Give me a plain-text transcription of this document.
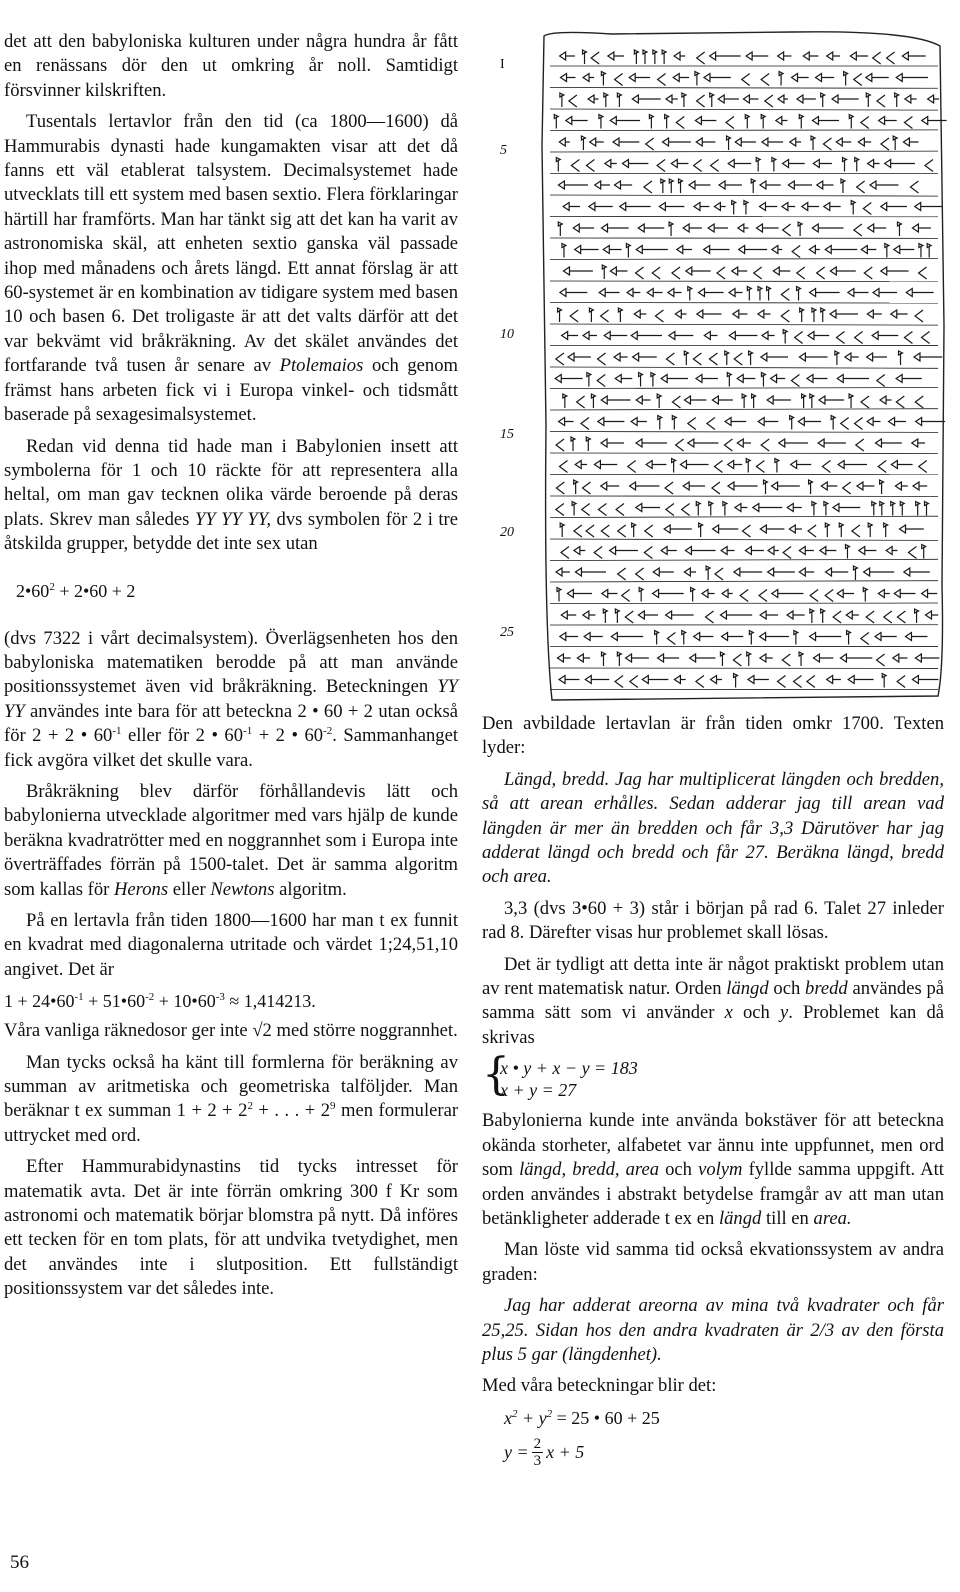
det att den babyloniska kulturen under några hundra år fått en renässans dör den ut omkring år noll. Samtidigt försvinner kilskriften.

Tusentals lertavlor från den tid (ca 1800—1600) då Hammurabis dynasti hade kungamakten visar att det då fanns ett väl etablerat talsystem. Decimalsystemet hade utvecklats till ett system med basen sextio. Flera förklaringar härtill har framförts. Man har tänkt sig att det kan ha varit av astronomiska skäl, att enheten sextio ganska väl passade ihop med månadens och årets längd. Ett annat förslag är att 60-systemet är en kombination av tidigare system med basen 10 och basen 6. Det troligaste är att det valts därför att det var bekvämt vid bråkräkning. Av det skälet användes det fortfarande två tusen år senare av Ptolemaios och genom främst hans arbeten fick vi i Europa vinkel- och tidsmått baserade på sexagesimalsystemet.

Redan vid denna tid hade man i Babylonien insett att symbolerna för 1 och 10 räckte för att representera alla heltal, om man gav tecknen olika värde beroende på deras plats. Skrev man således YY YY YY, dvs symbolen för 2 i tre åtskilda grupper, betydde det inte sex utan

$2•60^2$ + 2•60 + 2

(dvs 7322 i vårt decimalsystem). Överlägsenheten hos den babyloniska matematiken berodde på att man använde positionssystemet även vid bråkräkning. Beteckningen YY YY användes inte bara för att beteckna 2 • 60 + 2 utan också för 2 + 2 • $60^{-1}$ eller för 2 • $60^{-1} + 2$ • $60^{-2}$. Sammanhanget fick avgöra vilket det skulle vara.

Bråkräkning blev därför förhållandevis lätt och babylonierna utvecklade algoritmer med vars hjälp de kunde beräkna kvadratrötter med en noggrannhet som i Europa inte överträffades förrän på 1500-talet. Det är samma algoritm som kallas för Herons eller Newtons algoritm.

På en lertavla från tiden 1800—1600 har man t ex funnit en kvadrat med diagonalerna utritade och värdet 1;24,51,10 angivet. Det är

$1 + 24•60^{-1}$ + $51•60^{-2}$ + $10•60^{-3} \approx 1,414213$.

Våra vanliga räknedosor ger inte √2 med större noggrannhet.

Man tycks också ha känt till formlerna för beräkning av summan av aritmetiska och geometriska talföljder. Man beräknar t ex summan $1 + 2 + 2^2$ + . . . + $2^9$ men formulerar uttrycket med ord.

Efter Hammurabidynastins tid tycks intresset för matematik avta. Det är inte förrän omkring 300 f Kr som astronomi och matematik börjar blomstra på nytt. Då införes ett tecken för en tom plats, för att undvika tvetydighet, men det användes inte i slutposition. Ett fullständigt positionssystem var det således inte.

I
5
10
15
20
25

Den avbildade lertavlan är från tiden omkr 1700. Texten lyder:

Längd, bredd. Jag har multiplicerat längden och bredden, så att arean erhålles. Sedan adderar jag till arean vad längden är mer än bredden och får 3,3 Därutöver har jag adderat längd och bredd och får 27. Beräkna längd, bredd och area.

3,3 (dvs 3•60 + 3) står i början på rad 6. Talet 27 inleder rad 8. Därefter visas hur problemet skall lösas.

Det är tydligt att detta inte är något praktiskt problem utan av rent matematisk natur. Orden längd och bredd användes på samma sätt som vi använder x och y. Problemet kan då skrivas

{
x • y + x − y = 183
x + y = 27

Babylonierna kunde inte använda bokstäver för att beteckna okända storheter, alfabetet var ännu inte uppfunnet, men ord som längd, bredd, area och volym fyllde samma uppgift. Att orden användes i abstrakt betydelse framgår av att man utan betänkligheter adderade t ex en längd till en area.

Man löste vid samma tid också ekvationssystem av andra graden:

Jag har adderat areorna av mina två kvadrater och får 25,25. Sidan hos den andra kvadraten är 2/3 av den första plus 5 gar (längdenhet).

Med våra beteckningar blir det:

$x^2 + y^2 = 25$ • 60 + 25
$y = \frac{2}{3}$ x + 5
56
